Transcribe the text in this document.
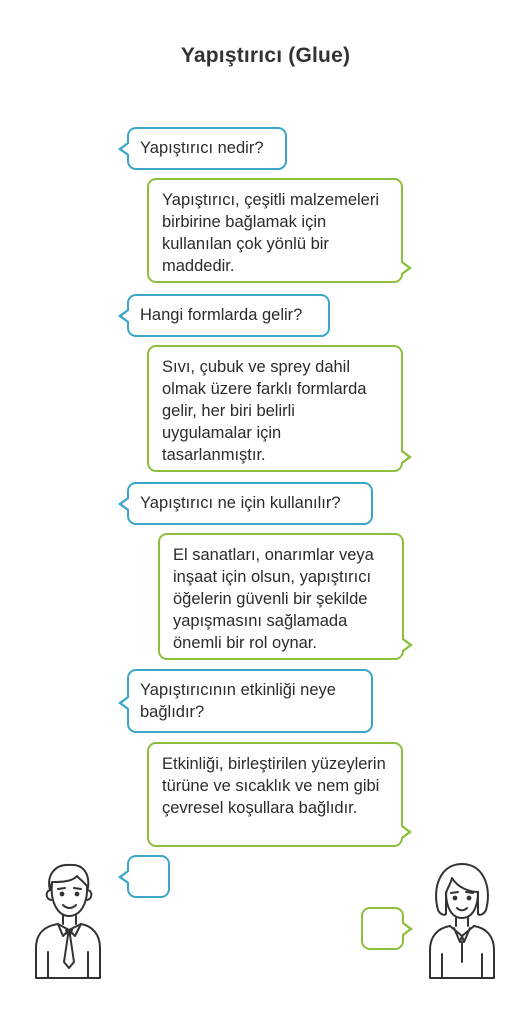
Yapıştırıcı (Glue)
Yapıştırıcı nedir?
Yapıştırıcı, çeşitli malzemeleri birbirine bağlamak için kullanılan çok yönlü bir maddedir.
Hangi formlarda gelir?
Sıvı, çubuk ve sprey dahil olmak üzere farklı formlarda gelir, her biri belirli uygulamalar için tasarlanmıştır.
Yapıştırıcı ne için kullanılır?
El sanatları, onarımlar veya inşaat için olsun, yapıştırıcı öğelerin güvenli bir şekilde yapışmasını sağlamada önemli bir rol oynar.
Yapıştırıcının etkinliği neye bağlıdır?
Etkinliği, birleştirilen yüzeylerin türüne ve sıcaklık ve nem gibi çevresel koşullara bağlıdır.
